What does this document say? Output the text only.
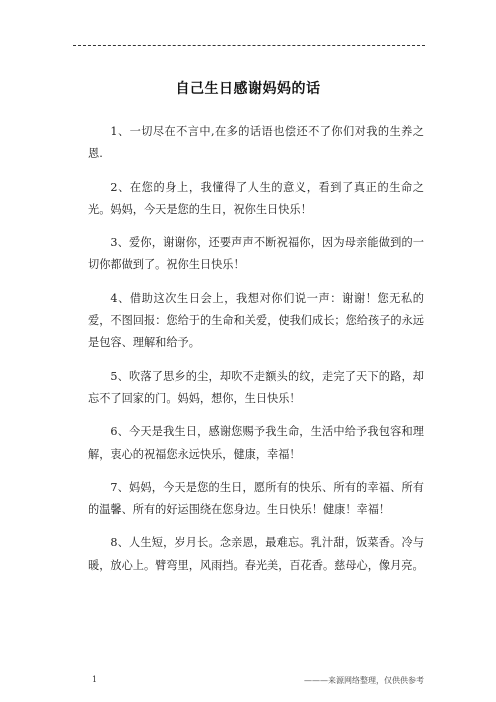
自己生日感谢妈妈的话

1、一切尽在不言中,在多的话语也偿还不了你们对我的生养之恩.

2、在您的身上，我懂得了人生的意义，看到了真正的生命之光。妈妈，今天是您的生日，祝你生日快乐！

3、爱你，谢谢你，还要声声不断祝福你，因为母亲能做到的一切你都做到了。祝你生日快乐！

4、借助这次生日会上，我想对你们说一声：谢谢！您无私的爱，不图回报：您给于的生命和关爱，使我们成长；您给孩子的永远是包容、理解和给予。

5、吹落了思乡的尘，却吹不走额头的纹，走完了天下的路，却忘不了回家的门。妈妈，想你，生日快乐！

6、今天是我生日，感谢您赐予我生命，生活中给予我包容和理解，衷心的祝福您永远快乐，健康，幸福！

7、妈妈，今天是您的生日，愿所有的快乐、所有的幸福、所有的温馨、所有的好运围绕在您身边。生日快乐！健康！幸福！

8、人生短，岁月长。念亲恩，最难忘。乳汁甜，饭菜香。冷与暖，放心上。臂弯里，风雨挡。春光美，百花香。慈母心，像月亮。

1	———来源网络整理，仅供供参考
